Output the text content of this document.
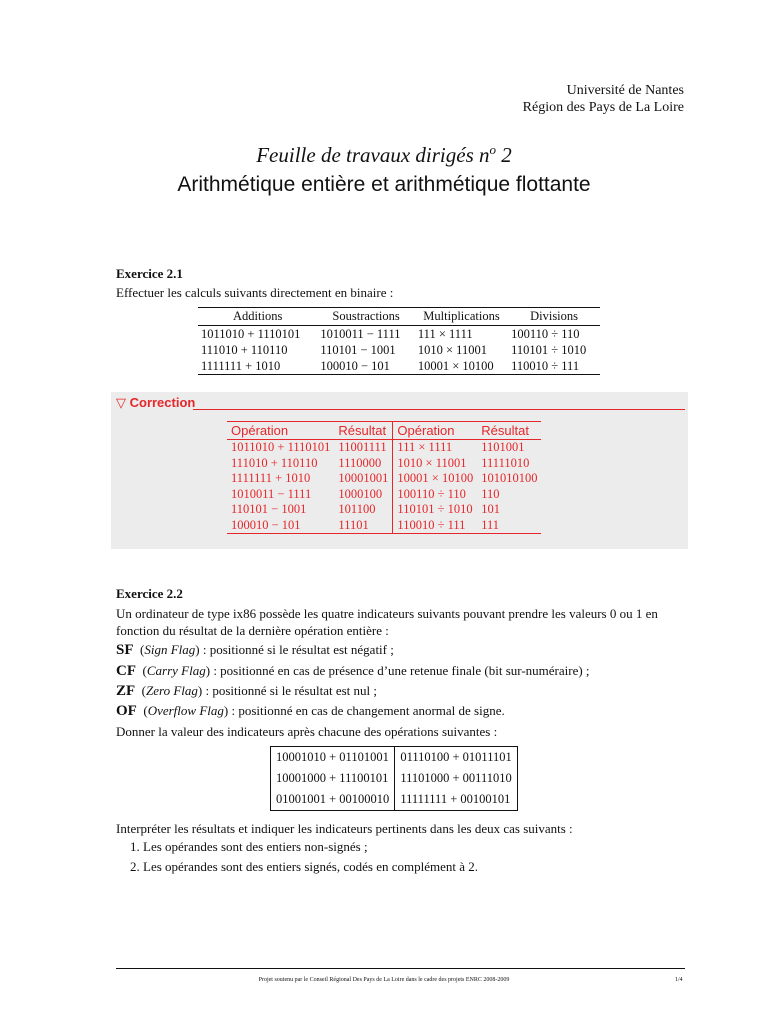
Université de Nantes
Région des Pays de La Loire
Feuille de travaux dirigés $n^o$ 2
Arithmétique entière et arithmétique flottante
Exercice 2.1
Effectuer les calculs suivants directement en binaire :
Additions	Soustractions	Multiplications	Divisions
1011010 + 1110101	1010011 − 1111	111 × 1111	100110 ÷ 110
111010 + 110110	110101 − 1001	1010 × 11001	110101 ÷ 1010
1111111 + 1010	100010 − 101	10001 × 10100	110010 ÷ 111
▽ Correction
Opération	Résultat	Opération	Résultat
1011010 + 1110101	11001111	111 × 1111	1101001
111010 + 110110	1110000	1010 × 11001	11111010
1111111 + 1010	10001001	10001 × 10100	101010100
1010011 − 1111	1000100	100110 ÷ 110	110
110101 − 1001	101100	110101 ÷ 1010	101
100010 − 101	11101	110010 ÷ 111	111
Exercice 2.2
Un ordinateur de type ix86 possède les quatre indicateurs suivants pouvant prendre les valeurs 0 ou 1 en fonction du résultat de la dernière opération entière :
SF  (Sign Flag) : positionné si le résultat est négatif ;
CF  (Carry Flag) : positionné en cas de présence d’une retenue finale (bit sur-numéraire) ;
ZF  (Zero Flag) : positionné si le résultat est nul ;
OF  (Overflow Flag) : positionné en cas de changement anormal de signe.
Donner la valeur des indicateurs après chacune des opérations suivantes :
10001010 + 01101001	01110100 + 01011101
10001000 + 11100101	11101000 + 00111010
01001001 + 00100010	11111111 + 00100101
Interpréter les résultats et indiquer les indicateurs pertinents dans les deux cas suivants :
1. Les opérandes sont des entiers non-signés ;
2. Les opérandes sont des entiers signés, codés en complément à 2.
Projet soutenu par le Conseil Régional Des Pays de La Loire dans le cadre des projets ENRC 2008-2009	1/4
